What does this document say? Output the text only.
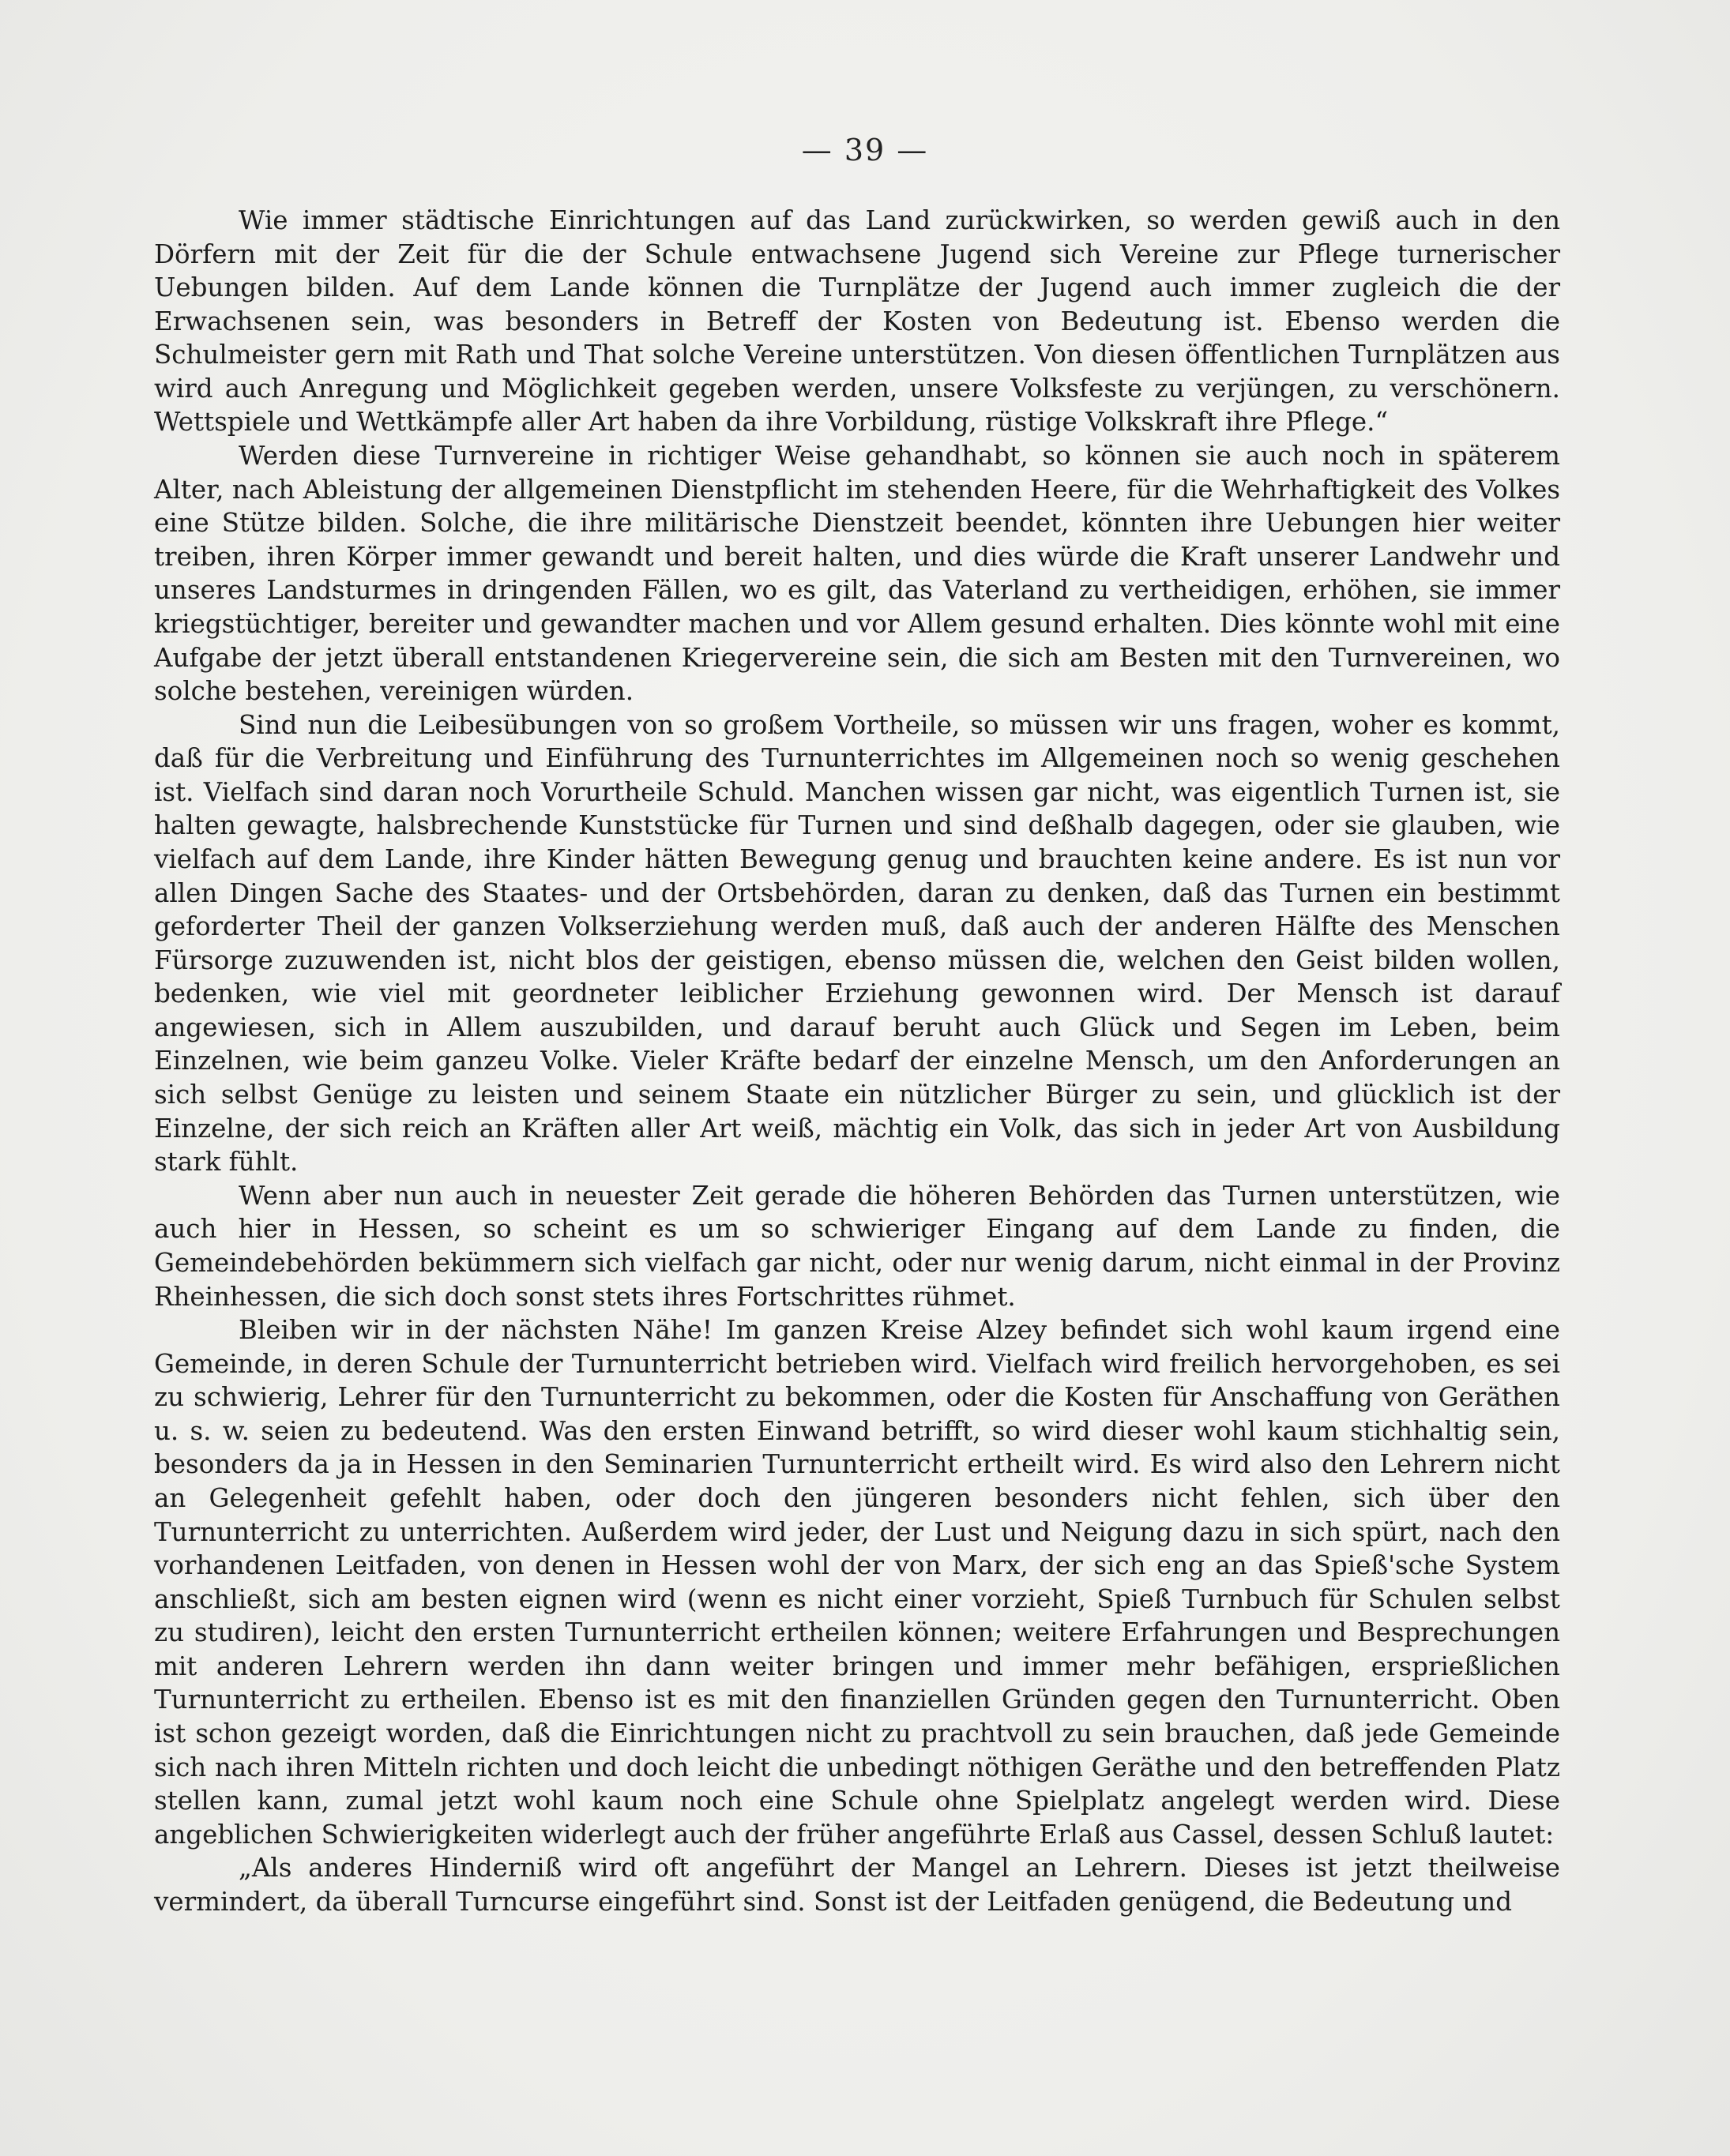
— 39 —

Wie immer städtische Einrichtungen auf das Land zurückwirken, so werden gewiß auch in den Dörfern mit der Zeit für die der Schule entwachsene Jugend sich Vereine zur Pflege turnerischer Uebungen bilden. Auf dem Lande können die Turnplätze der Jugend auch immer zugleich die der Erwachsenen sein, was besonders in Betreff der Kosten von Bedeutung ist. Ebenso werden die Schulmeister gern mit Rath und That solche Vereine unterstützen. Von diesen öffentlichen Turnplätzen aus wird auch Anregung und Möglichkeit gegeben werden, unsere Volksfeste zu verjüngen, zu verschönern. Wettspiele und Wettkämpfe aller Art haben da ihre Vorbildung, rüstige Volkskraft ihre Pflege.“

Werden diese Turnvereine in richtiger Weise gehandhabt, so können sie auch noch in späterem Alter, nach Ableistung der allgemeinen Dienstpflicht im stehenden Heere, für die Wehrhaftigkeit des Volkes eine Stütze bilden. Solche, die ihre militärische Dienstzeit beendet, könnten ihre Uebungen hier weiter treiben, ihren Körper immer gewandt und bereit halten, und dies würde die Kraft unserer Landwehr und unseres Landsturmes in dringenden Fällen, wo es gilt, das Vaterland zu vertheidigen, erhöhen, sie immer kriegstüchtiger, bereiter und gewandter machen und vor Allem gesund erhalten. Dies könnte wohl mit eine Aufgabe der jetzt überall entstandenen Kriegervereine sein, die sich am Besten mit den Turnvereinen, wo solche bestehen, vereinigen würden.

Sind nun die Leibesübungen von so großem Vortheile, so müssen wir uns fragen, woher es kommt, daß für die Verbreitung und Einführung des Turnunterrichtes im Allgemeinen noch so wenig geschehen ist. Vielfach sind daran noch Vorurtheile Schuld. Manchen wissen gar nicht, was eigentlich Turnen ist, sie halten gewagte, halsbrechende Kunststücke für Turnen und sind deßhalb dagegen, oder sie glauben, wie vielfach auf dem Lande, ihre Kinder hätten Bewegung genug und brauchten keine andere. Es ist nun vor allen Dingen Sache des Staates- und der Ortsbehörden, daran zu denken, daß das Turnen ein bestimmt geforderter Theil der ganzen Volkserziehung werden muß, daß auch der anderen Hälfte des Menschen Fürsorge zuzuwenden ist, nicht blos der geistigen, ebenso müssen die, welchen den Geist bilden wollen, bedenken, wie viel mit geordneter leiblicher Erziehung gewonnen wird. Der Mensch ist darauf angewiesen, sich in Allem auszubilden, und darauf beruht auch Glück und Segen im Leben, beim Einzelnen, wie beim ganzeu Volke. Vieler Kräfte bedarf der einzelne Mensch, um den Anforderungen an sich selbst Genüge zu leisten und seinem Staate ein nützlicher Bürger zu sein, und glücklich ist der Einzelne, der sich reich an Kräften aller Art weiß, mächtig ein Volk, das sich in jeder Art von Ausbildung stark fühlt.

Wenn aber nun auch in neuester Zeit gerade die höheren Behörden das Turnen unterstützen, wie auch hier in Hessen, so scheint es um so schwieriger Eingang auf dem Lande zu finden, die Gemeindebehörden bekümmern sich vielfach gar nicht, oder nur wenig darum, nicht einmal in der Provinz Rheinhessen, die sich doch sonst stets ihres Fortschrittes rühmet.

Bleiben wir in der nächsten Nähe! Im ganzen Kreise Alzey befindet sich wohl kaum irgend eine Gemeinde, in deren Schule der Turnunterricht betrieben wird. Vielfach wird freilich hervorgehoben, es sei zu schwierig, Lehrer für den Turnunterricht zu bekommen, oder die Kosten für Anschaffung von Geräthen u. s. w. seien zu bedeutend. Was den ersten Einwand betrifft, so wird dieser wohl kaum stichhaltig sein, besonders da ja in Hessen in den Seminarien Turnunterricht ertheilt wird. Es wird also den Lehrern nicht an Gelegenheit gefehlt haben, oder doch den jüngeren besonders nicht fehlen, sich über den Turnunterricht zu unterrichten. Außerdem wird jeder, der Lust und Neigung dazu in sich spürt, nach den vorhandenen Leitfaden, von denen in Hessen wohl der von Marx, der sich eng an das Spieß'sche System anschließt, sich am besten eignen wird (wenn es nicht einer vorzieht, Spieß Turnbuch für Schulen selbst zu studiren), leicht den ersten Turnunterricht ertheilen können; weitere Erfahrungen und Besprechungen mit anderen Lehrern werden ihn dann weiter bringen und immer mehr befähigen, ersprießlichen Turnunterricht zu ertheilen. Ebenso ist es mit den finanziellen Gründen gegen den Turnunterricht. Oben ist schon gezeigt worden, daß die Einrichtungen nicht zu prachtvoll zu sein brauchen, daß jede Gemeinde sich nach ihren Mitteln richten und doch leicht die unbedingt nöthigen Geräthe und den betreffenden Platz stellen kann, zumal jetzt wohl kaum noch eine Schule ohne Spielplatz angelegt werden wird. Diese angeblichen Schwierigkeiten widerlegt auch der früher angeführte Erlaß aus Cassel, dessen Schluß lautet:

„Als anderes Hinderniß wird oft angeführt der Mangel an Lehrern. Dieses ist jetzt theilweise vermindert, da überall Turncurse eingeführt sind. Sonst ist der Leitfaden genügend, die Bedeutung und
